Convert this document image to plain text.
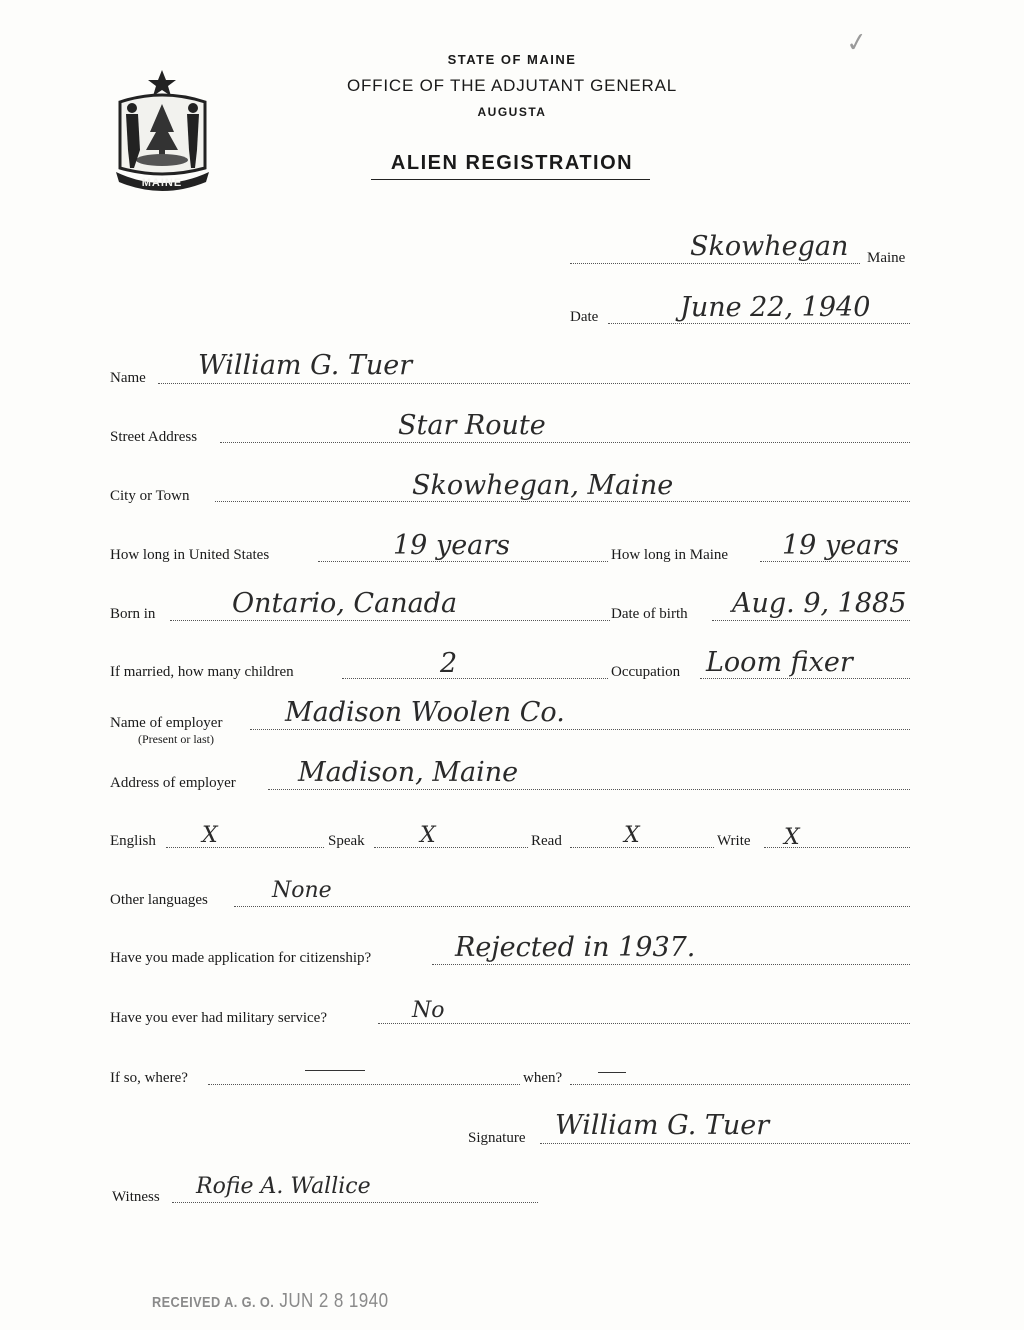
✓
MAINE
STATE OF MAINE
OFFICE OF THE ADJUTANT GENERAL
AUGUSTA
ALIEN REGISTRATION
Skowhegan Maine
Date	June 22, 1940
Name William G. Tuer
Street Address	Star Route
City or Town	Skowhegan, Maine
How long in United States	19 years	How long in Maine 19 years
Born in	Ontario, Canada	Date of birth Aug. 9, 1885
If married, how many children	2	Occupation Loom fixer
Name of employer
(Present or last)
Madison Woolen Co.
Address of employer Madison, Maine
English X	Speak	X	Read	X	Write X
Other languages	None
Have you made application for citizenship?	Rejected in 1937.
Have you ever had military service?	No
If so, where?	when?
Signature William G. Tuer
Witness Rofie A. Wallice
RECEIVED A. G. O. JUN 2 8 1940
